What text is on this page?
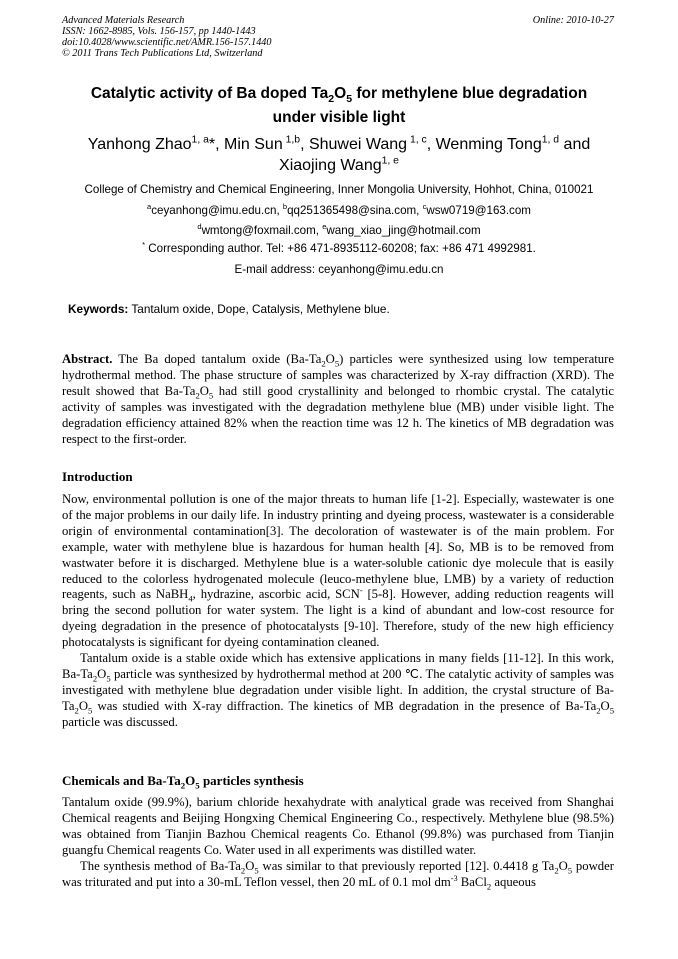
Advanced Materials Research
ISSN: 1662-8985, Vols. 156-157, pp 1440-1443
doi:10.4028/www.scientific.net/AMR.156-157.1440
© 2011 Trans Tech Publications Ltd, Switzerland
Online: 2010-10-27
Catalytic activity of Ba doped $Ta_2O_5$ for methylene blue degradation
under visible light
Yanhong Zhao$^{1, a}$*, Min Sun $^{1,b}$, Shuwei Wang $^{1, c}$, Wenming Tong$^{1, d}$ and
Xiaojing Wang$^{1, e}$
College of Chemistry and Chemical Engineering, Inner Mongolia University, Hohhot, China, 010021
$^a$ceyanhong@imu.edu.cn, $^b$qq251365498@sina.com, $^c$wsw0719@163.com
$^d$wmtong@foxmail.com, $^e$wang_xiao_jing@hotmail.com
* Corresponding author. Tel: +86 471-8935112-60208; fax: +86 471 4992981.
E-mail address: ceyanhong@imu.edu.cn
Keywords: Tantalum oxide, Dope, Catalysis, Methylene blue.

Abstract. The Ba doped tantalum oxide $(Ba-Ta_2O_5)$ particles were synthesized using low temperature hydrothermal method. The phase structure of samples was characterized by X-ray diffraction (XRD). The result showed that $Ba-Ta_2O_5$ had still good crystallinity and belonged to rhombic crystal. The catalytic activity of samples was investigated with the degradation methylene blue (MB) under visible light. The degradation efficiency attained 82% when the reaction time was 12 h. The kinetics of MB degradation was respect to the first-order.

Introduction

Now, environmental pollution is one of the major threats to human life [1-2]. Especially, wastewater is one of the major problems in our daily life. In industry printing and dyeing process, wastewater is a considerable origin of environmental contamination[3]. The decoloration of wastewater is of the main problem. For example, water with methylene blue is hazardous for human health [4]. So, MB is to be removed from wastwater before it is discharged. Methylene blue is a water-soluble cationic dye molecule that is easily reduced to the colorless hydrogenated molecule (leuco-methylene blue, LMB) by a variety of reduction reagents, such as NaBH$_4$, hydrazine, ascorbic acid, SCN- [5-8]. However, adding reduction reagents will bring the second pollution for water system. The light is a kind of abundant and low-cost resource for dyeing degradation in the presence of photocatalysts [9-10]. Therefore, study of the new high efficiency photocatalysts is significant for dyeing contamination cleaned.

Tantalum oxide is a stable oxide which has extensive applications in many fields [11-12]. In this work, $Ba-Ta_2O_5$ particle was synthesized by hydrothermal method at 200 ℃. The catalytic activity of samples was investigated with methylene blue degradation under visible light. In addition, the crystal structure of $Ba-Ta_2O_5$ was studied with X-ray diffraction. The kinetics of MB degradation in the presence of $Ba-Ta_2O_5$ particle was discussed.

Chemicals and $Ba-Ta_2O_5$ particles synthesis

Tantalum oxide (99.9%), barium chloride hexahydrate with analytical grade was received from Shanghai Chemical reagents and Beijing Hongxing Chemical Engineering Co., respectively. Methylene blue (98.5%) was obtained from Tianjin Bazhou Chemical reagents Co. Ethanol (99.8%) was purchased from Tianjin guangfu Chemical reagents Co. Water used in all experiments was distilled water.

The synthesis method of $Ba-Ta_2O_5$ was similar to that previously reported [12]. 0.4418 g $Ta_2O_5$ powder was triturated and put into a 30-mL Teflon vessel, then 20 mL of 0.1 mol $dm^{-3}$ BaCl$_2$ aqueous
